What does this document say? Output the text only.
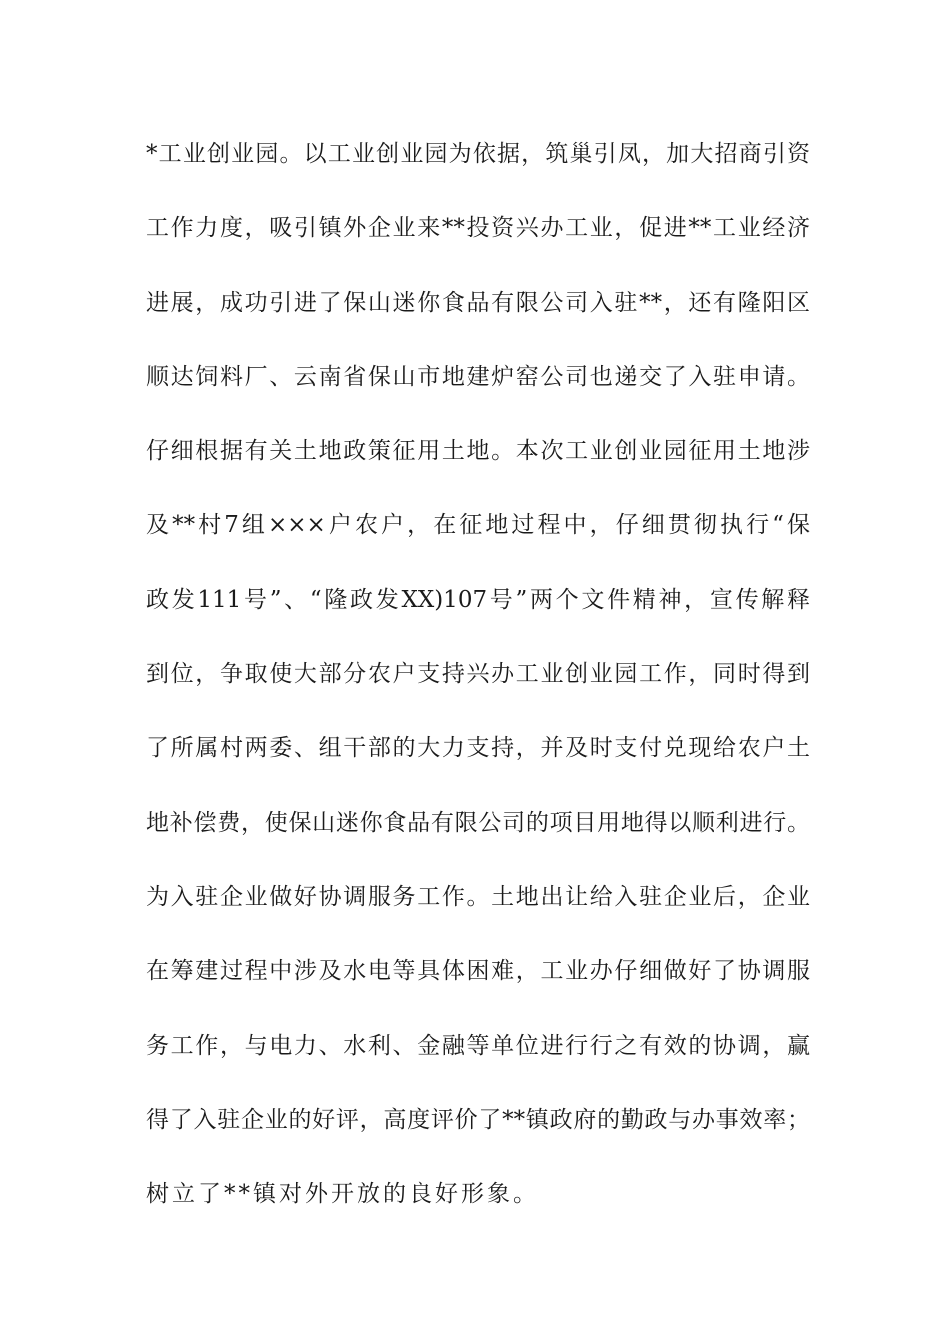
*工业创业园。以工业创业园为依据，筑巢引凤，加大招商引资
工作力度，吸引镇外企业来**投资兴办工业，促进**工业经济
进展，成功引进了保山迷你食品有限公司入驻**，还有隆阳区
顺达饲料厂、云南省保山市地建炉窑公司也递交了入驻申请。
仔细根据有关土地政策征用土地。本次工业创业园征用土地涉
及**村7组×××户农户，在征地过程中，仔细贯彻执行“保
政发111号”、“隆政发XX)107号”两个文件精神，宣传解释
到位，争取使大部分农户支持兴办工业创业园工作，同时得到
了所属村两委、组干部的大力支持，并及时支付兑现给农户土
地补偿费，使保山迷你食品有限公司的项目用地得以顺利进行。
为入驻企业做好协调服务工作。土地出让给入驻企业后，企业
在筹建过程中涉及水电等具体困难，工业办仔细做好了协调服
务工作，与电力、水利、金融等单位进行行之有效的协调，赢
得了入驻企业的好评，高度评价了**镇政府的勤政与办事效率；
树立了**镇对外开放的良好形象。
